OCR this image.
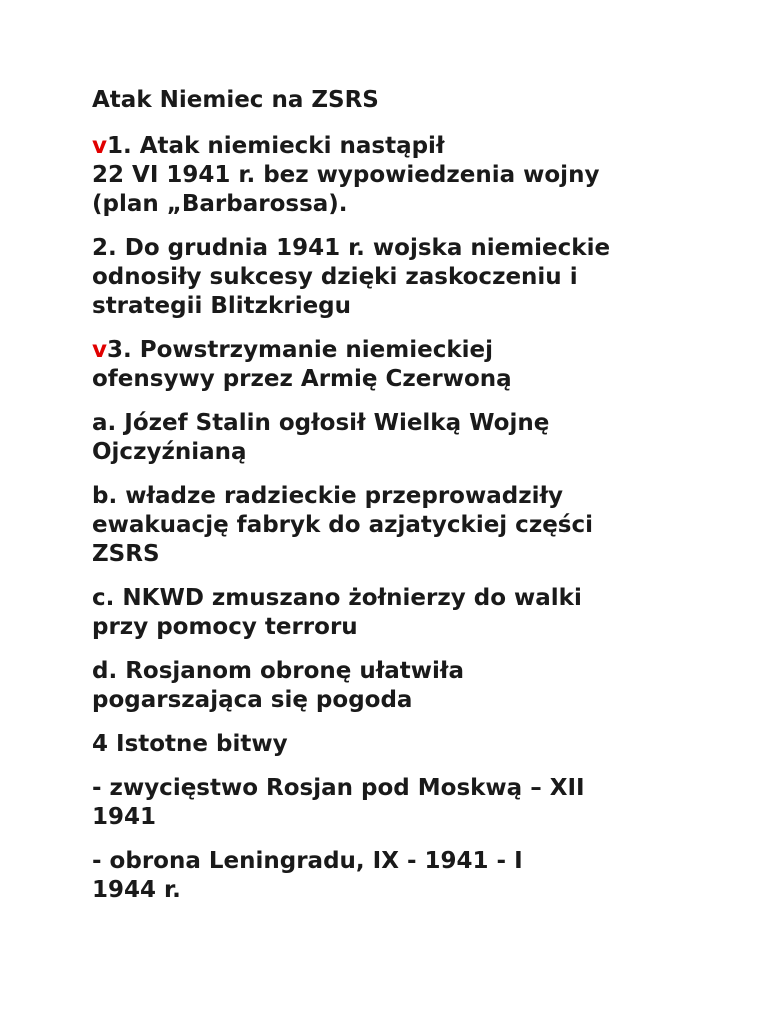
Atak Niemiec na ZSRS
v1. Atak niemiecki nastąpił
22 VI 1941 r. bez wypowiedzenia wojny
(plan „Barbarossa).
2. Do grudnia 1941 r. wojska niemieckie
odnosiły sukcesy dzięki zaskoczeniu i
strategii Blitzkriegu
v3. Powstrzymanie niemieckiej
ofensywy przez Armię Czerwoną
a. Józef Stalin ogłosił Wielką Wojnę
Ojczyźnianą
b. władze radzieckie przeprowadziły
ewakuację fabryk do azjatyckiej części
ZSRS
c. NKWD zmuszano żołnierzy do walki
przy pomocy terroru
d. Rosjanom obronę ułatwiła
pogarszająca się pogoda
4 Istotne bitwy
- zwycięstwo Rosjan pod Moskwą – XII
1941
- obrona Leningradu, IX - 1941 - I
1944 r.
